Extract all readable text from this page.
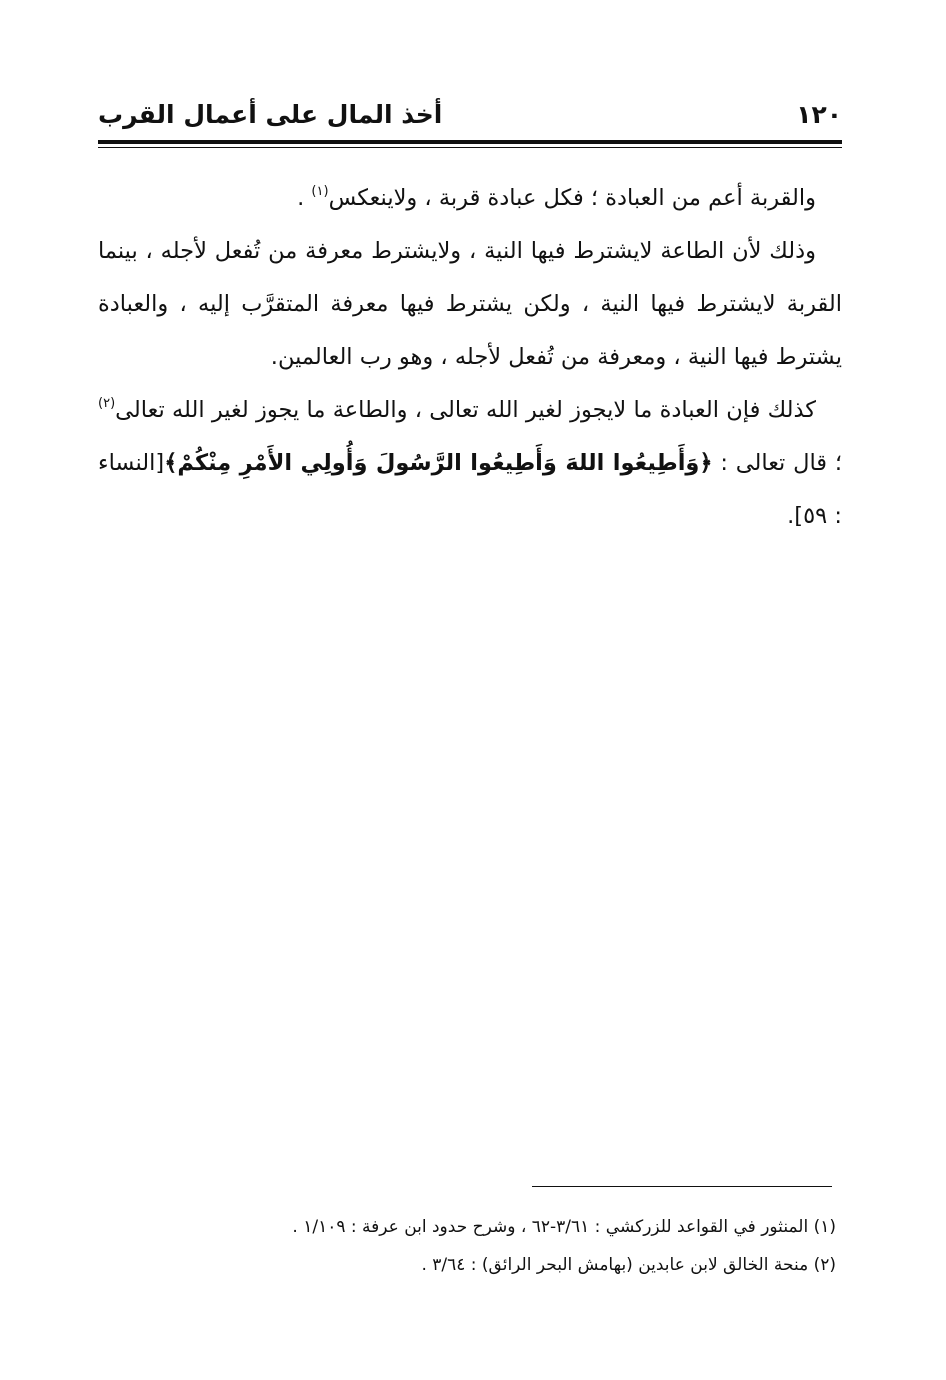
١٢٠
أخذ المال على أعمال القرب

والقربة أعم من العبادة ؛ فكل عبادة قربة ، ولاينعكس$^{(١)}$ .

وذلك لأن الطاعة لايشترط فيها النية ، ولايشترط معرفة من تُفعل لأجله ، بينما القربة لايشترط فيها النية ، ولكن يشترط فيها معرفة المتقرَّب إليه ، والعبادة يشترط فيها النية ، ومعرفة من تُفعل لأجله ، وهو رب العالمين.

كذلك فإن العبادة ما لايجوز لغير الله تعالى ، والطاعة ما يجوز لغير الله تعالى$^{(٢)}$ ؛ قال تعالى : ﴿وَأَطِيعُوا اللهَ وَأَطِيعُوا الرَّسُولَ وَأُولِي الأَمْرِ مِنْكُمْ﴾[النساء : ٥٩].

(١) المنثور في القواعد للزركشي : ٣/٦١-٦٢ ، وشرح حدود ابن عرفة : ١/١٠٩ .
(٢) منحة الخالق لابن عابدين (بهامش البحر الرائق) : ٣/٦٤ .
